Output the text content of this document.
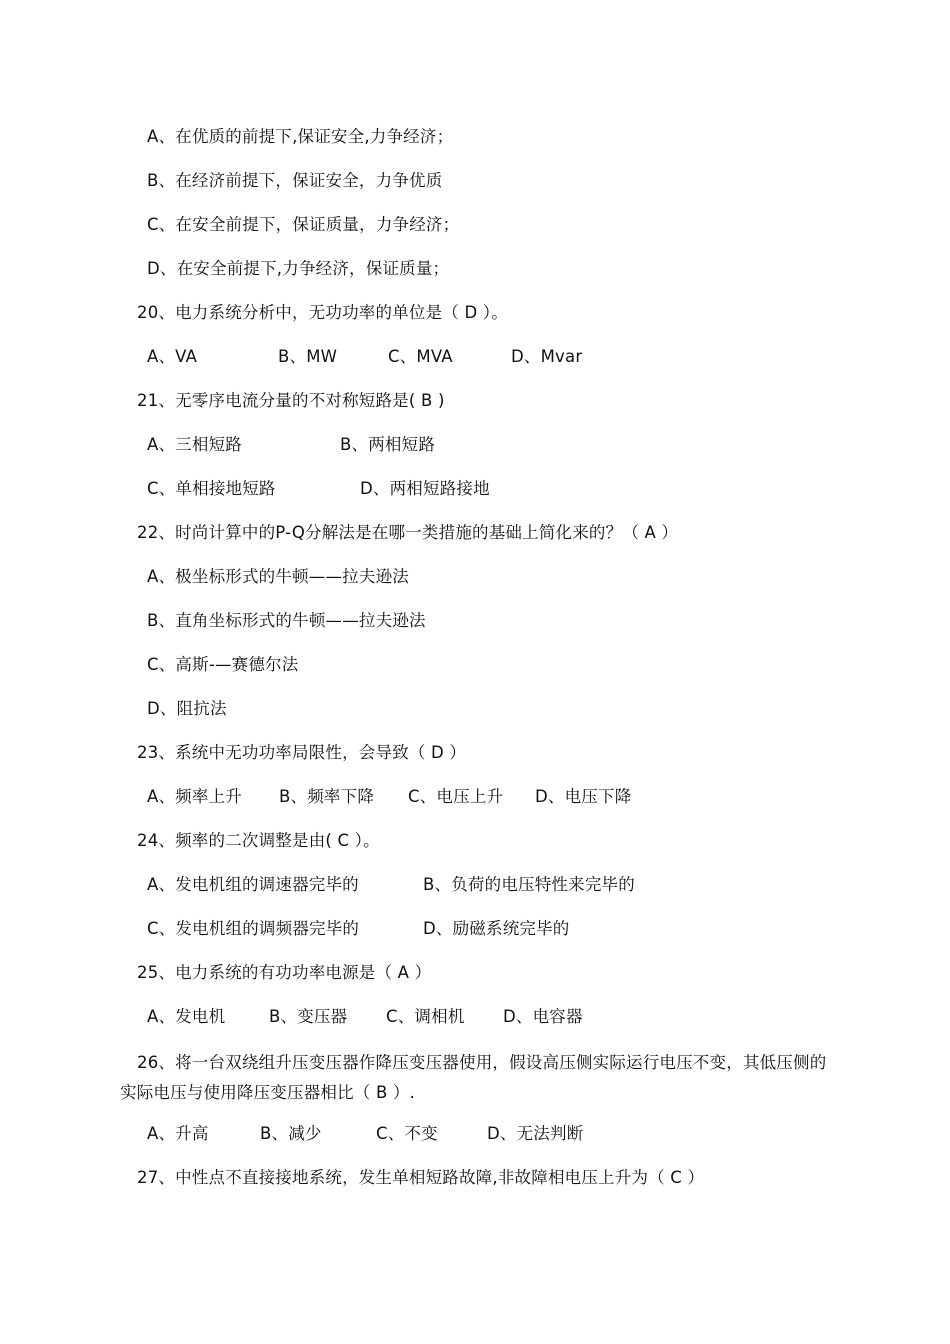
A、在优质的前提下,保证安全,力争经济；
B、在经济前提下，保证安全，力争优质
C、在安全前提下，保证质量，力争经济；
D、在安全前提下,力争经济，保证质量；
20、电力系统分析中，无功功率的单位是（ D ）。
A、VA	B、MW	C、MVA	D、Mvar
21、无零序电流分量的不对称短路是( B )
A、三相短路	B、两相短路
C、单相接地短路	D、两相短路接地
22、时尚计算中的P-Q分解法是在哪一类措施的基础上简化来的？（ A ）
A、极坐标形式的牛顿——拉夫逊法
B、直角坐标形式的牛顿——拉夫逊法
C、高斯-—赛德尔法
D、阻抗法
23、系统中无功功率局限性，会导致（ D ）
A、频率上升 B、频率下降 C、电压上升 D、电压下降
24、频率的二次调整是由( C ）。
A、发电机组的调速器完毕的	B、负荷的电压特性来完毕的
C、发电机组的调频器完毕的	D、励磁系统完毕的
25、电力系统的有功功率电源是（ A ）
A、发电机	B、变压器 C、调相机 D、电容器
26、将一台双绕组升压变压器作降压变压器使用，假设高压侧实际运行电压不变，其低压侧的实际电压与使用降压变压器相比（ B ）.
A、升高	B、减少	C、不变	D、无法判断
27、中性点不直接接地系统，发生单相短路故障,非故障相电压上升为（ C ）
